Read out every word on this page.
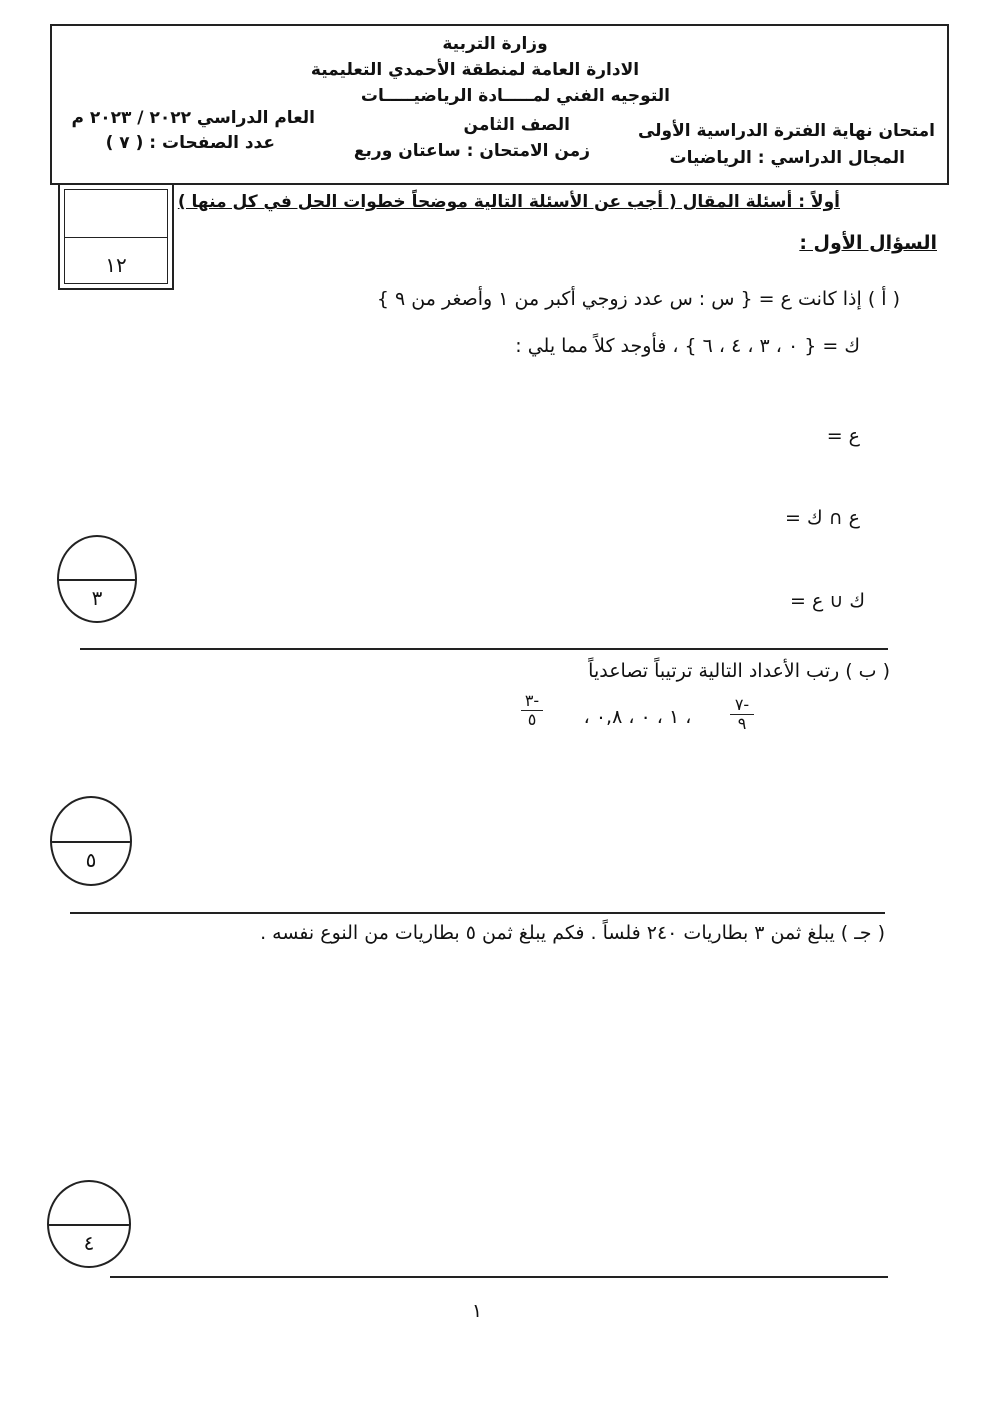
وزارة التربية
الادارة العامة لمنطقة الأحمدي التعليمية
التوجيه الفني لمـــــادة الرياضيـــــات
امتحان نهاية الفترة الدراسية الأولى
المجال الدراسي : الرياضيات
الصف الثامن
زمن الامتحان : ساعتان وربع
العام الدراسي ٢٠٢٢ / ٢٠٢٣ م
عدد الصفحات : ( ٧ )
١٢
أولاً : أسئلة المقال ( أجب عن الأسئلة التالية موضحاً خطوات الحل في كل منها )
السؤال الأول :
( أ ) إذا كانت ع = { س : س عدد زوجي أكبر من ١ وأصغر من ٩ }
ك = { ٠ ، ٣ ، ٤ ، ٦ } ، فأوجد كلاً مما يلي :
ع =
ع ∩ ك =
ك ∪ ع =
٣
( ب ) رتب الأعداد التالية ترتيباً تصاعدياً
٧-
٩
، ١ ، ٠ ، ٠,٨ ،
٣-
٥
٥
( جـ ) يبلغ ثمن ٣ بطاريات ٢٤٠ فلساً . فكم يبلغ ثمن ٥ بطاريات من النوع نفسه .
٤
١
